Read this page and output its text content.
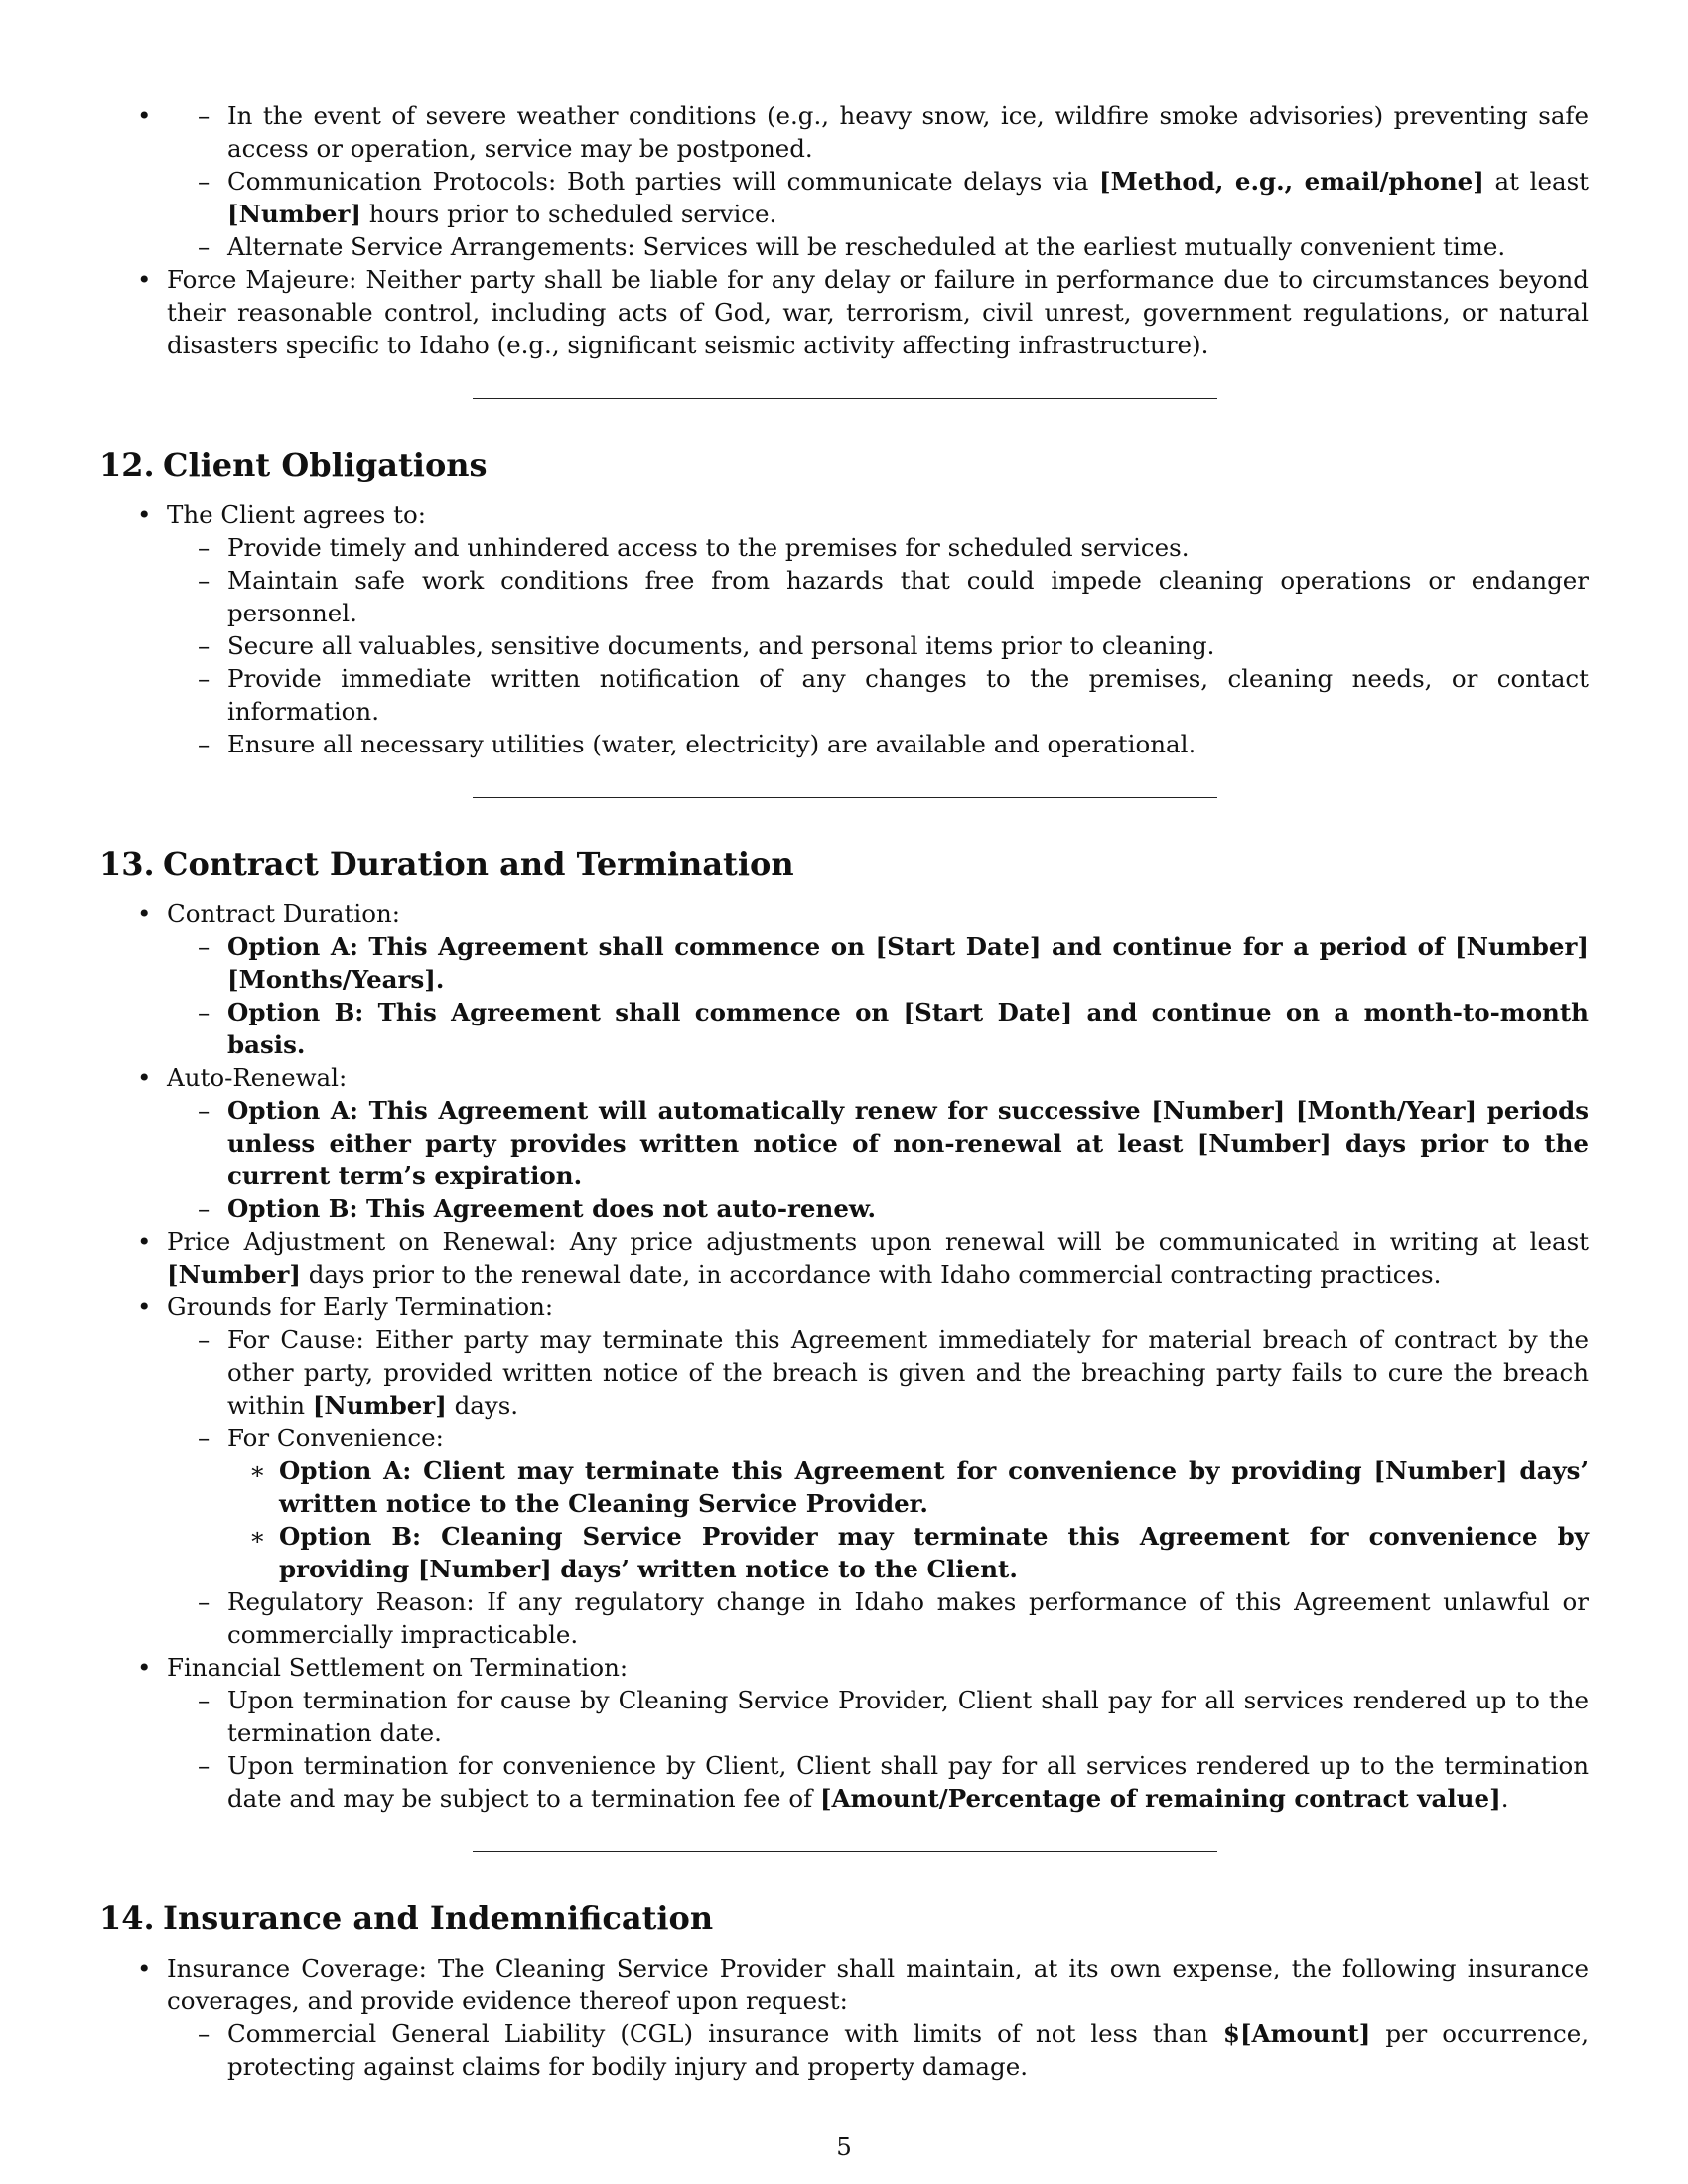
– • In the event of severe weather conditions (e.g., heavy snow, ice, wildfire smoke advisories) preventing safe access or operation, service may be postponed.
– Communication Protocols: Both parties will communicate delays via [Method, e.g., email/phone] at least [Number] hours prior to scheduled service.
– Alternate Service Arrangements: Services will be rescheduled at the earliest mutually convenient time.
• Force Majeure: Neither party shall be liable for any delay or failure in performance due to circumstances beyond their reasonable control, including acts of God, war, terrorism, civil unrest, government regulations, or natural disasters specific to Idaho (e.g., significant seismic activity affecting infrastructure).
12. Client Obligations
• The Client agrees to:
– Provide timely and unhindered access to the premises for scheduled services.
– Maintain safe work conditions free from hazards that could impede cleaning operations or endanger personnel.
– Secure all valuables, sensitive documents, and personal items prior to cleaning.
– Provide immediate written notification of any changes to the premises, cleaning needs, or contact information.
– Ensure all necessary utilities (water, electricity) are available and operational.
13. Contract Duration and Termination
• Contract Duration:
– Option A: This Agreement shall commence on [Start Date] and continue for a period of [Number] [Months/Years].
– Option B: This Agreement shall commence on [Start Date] and continue on a month-to-month basis.
• Auto-Renewal:
– Option A: This Agreement will automatically renew for successive [Number] [Month/Year] periods unless either party provides written notice of non-renewal at least [Number] days prior to the current term’s expiration.
– Option B: This Agreement does not auto-renew.
• Price Adjustment on Renewal: Any price adjustments upon renewal will be communicated in writing at least [Number] days prior to the renewal date, in accordance with Idaho commercial contracting practices.
• Grounds for Early Termination:
– For Cause: Either party may terminate this Agreement immediately for material breach of contract by the other party, provided written notice of the breach is given and the breaching party fails to cure the breach within [Number] days.
– For Convenience:
∗ Option A: Client may terminate this Agreement for convenience by providing [Number] days’ written notice to the Cleaning Service Provider.
∗ Option B: Cleaning Service Provider may terminate this Agreement for convenience by providing [Number] days’ written notice to the Client.
– Regulatory Reason: If any regulatory change in Idaho makes performance of this Agreement unlawful or commercially impracticable.
• Financial Settlement on Termination:
– Upon termination for cause by Cleaning Service Provider, Client shall pay for all services rendered up to the termination date.
– Upon termination for convenience by Client, Client shall pay for all services rendered up to the termination date and may be subject to a termination fee of [Amount/Percentage of remaining contract value].
14. Insurance and Indemnification
• Insurance Coverage: The Cleaning Service Provider shall maintain, at its own expense, the following insurance coverages, and provide evidence thereof upon request:
– Commercial General Liability (CGL) insurance with limits of not less than $[Amount] per occurrence, protecting against claims for bodily injury and property damage.
5
